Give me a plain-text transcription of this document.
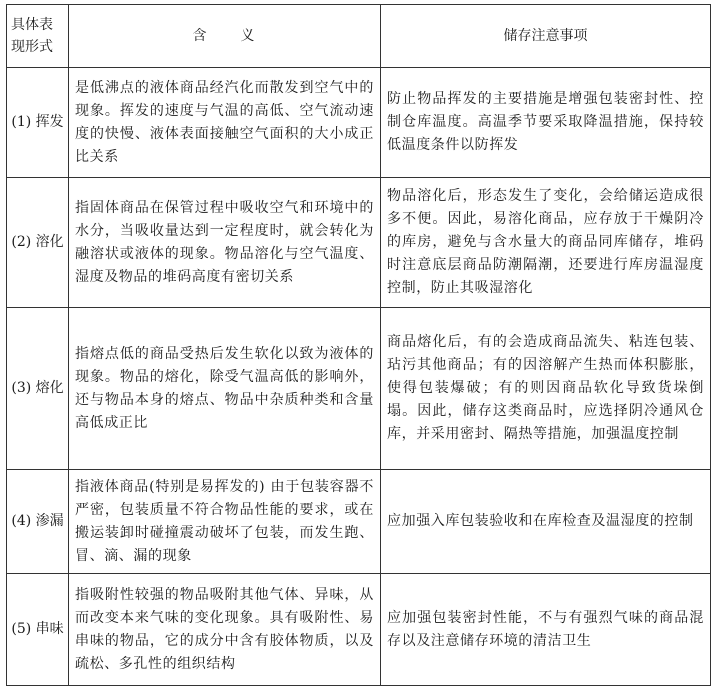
具体表现形式	含　　义	储存注意事项
(1) 挥发	是低沸点的液体商品经汽化而散发到空气中的现象。挥发的速度与气温的高低、空气流动速度的快慢、液体表面接触空气面积的大小成正比关系	防止物品挥发的主要措施是增强包装密封性、控制仓库温度。高温季节要采取降温措施，保持较低温度条件以防挥发
(2) 溶化	指固体商品在保管过程中吸收空气和环境中的水分，当吸收量达到一定程度时，就会转化为融溶状或液体的现象。物品溶化与空气温度、湿度及物品的堆码高度有密切关系	物品溶化后，形态发生了变化，会给储运造成很多不便。因此，易溶化商品，应存放于干燥阴冷的库房，避免与含水量大的商品同库储存，堆码时注意底层商品防潮隔潮，还要进行库房温湿度控制，防止其吸湿溶化
(3) 熔化	指熔点低的商品受热后发生软化以致为液体的现象。物品的熔化，除受气温高低的影响外，还与物品本身的熔点、物品中杂质种类和含量高低成正比	商品熔化后，有的会造成商品流失、粘连包装、玷污其他商品；有的因溶解产生热而体积膨胀，使得包装爆破；有的则因商品软化导致货垛倒塌。因此，储存这类商品时，应选择阴冷通风仓库，并采用密封、隔热等措施，加强温度控制
(4) 渗漏	指液体商品(特别是易挥发的) 由于包装容器不严密，包装质量不符合物品性能的要求，或在搬运装卸时碰撞震动破坏了包装，而发生跑、冒、滴、漏的现象	应加强入库包装验收和在库检查及温湿度的控制
(5) 串味	指吸附性较强的物品吸附其他气体、异味，从而改变本来气味的变化现象。具有吸附性、易串味的物品，它的成分中含有胶体物质，以及疏松、多孔性的组织结构	应加强包装密封性能，不与有强烈气味的商品混存以及注意储存环境的清洁卫生
